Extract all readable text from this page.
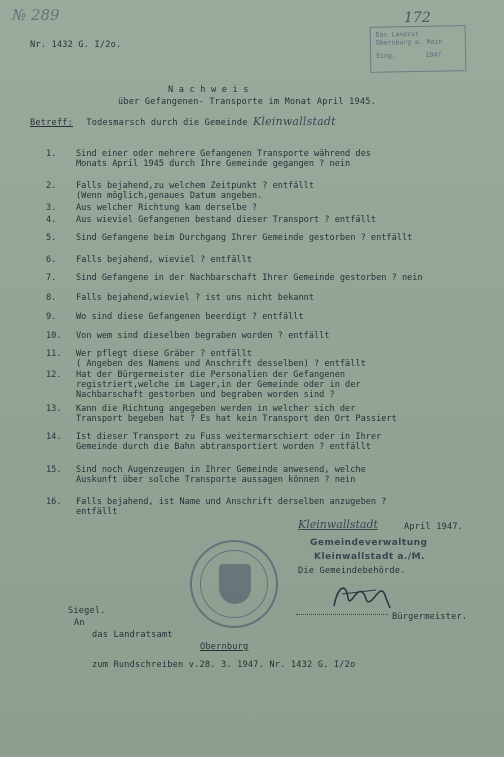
№ 289	172
Das Landrat
Obernburg a. Main
Eing.	1947
Nr. 1432 G. I/2o.
N a c h w e i s
über Gefangenen- Transporte im Monat April 1945.
Betreff: Todesmarsch durch die Gemeinde Kleinwallstadt
1. Sind einer oder mehrere Gefangenen Transporte während des
Monats April 1945 durch Ihre Gemeinde gegangen ? nein
2. Falls bejahend,zu welchem Zeitpunkt ? entfällt
(Wenn möglich,genaues Datum angeben.
3. Aus welcher Richtung kam derselbe ?
4. Aus wieviel Gefangenen bestand dieser Transport ? entfällt
5. Sind Gefangene beim Durchgang Ihrer Gemeinde gestorben ? entfällt
6. Falls bejahend, wieviel ? entfällt
7. Sind Gefangene in der Nachbarschaft Ihrer Gemeinde gestorben ? nein
8. Falls bejahend,wieviel ? ist uns nicht bekannt
9. Wo sind diese Gefangenen beerdigt ? entfällt
10. Von wem sind dieselben begraben worden ? entfällt
11. Wer pflegt diese Gräber ? entfällt
( Angeben des Namens und Anschrift desselben) ? entfällt
12. Hat der Bürgermeister die Personalien der Gefangenen
registriert,welche im Lager,in der Gemeinde oder in der
Nachbarschaft gestorben und begraben worden sind ?
13. Kann die Richtung angegeben werden in welcher sich der
Transport begeben hat ? Es hat kein Transport den Ort Passiert
14. Ist dieser Transport zu Fuss weitermarschiert oder in Ihrer
Gemeinde durch die Bahn abtransportiert worden ? entfällt
15. Sind noch Augenzeugen in Ihrer Gemeinde anwesend, welche
Auskunft über solche Transporte aussagen können ? nein
16. Falls bejahend, ist Name und Anschrift derselben anzugeben ?
entfällt
Kleinwallstadt	April 1947.
Gemeindeverwaltung
Kleinwallstadt a./M.
Die Gemeindebehörde.
Bürgermeister.
Siegel.
An
das Landratsamt
Obernburg
zum Rundschreiben v.28. 3. 1947. Nr. 1432 G. I/2o
